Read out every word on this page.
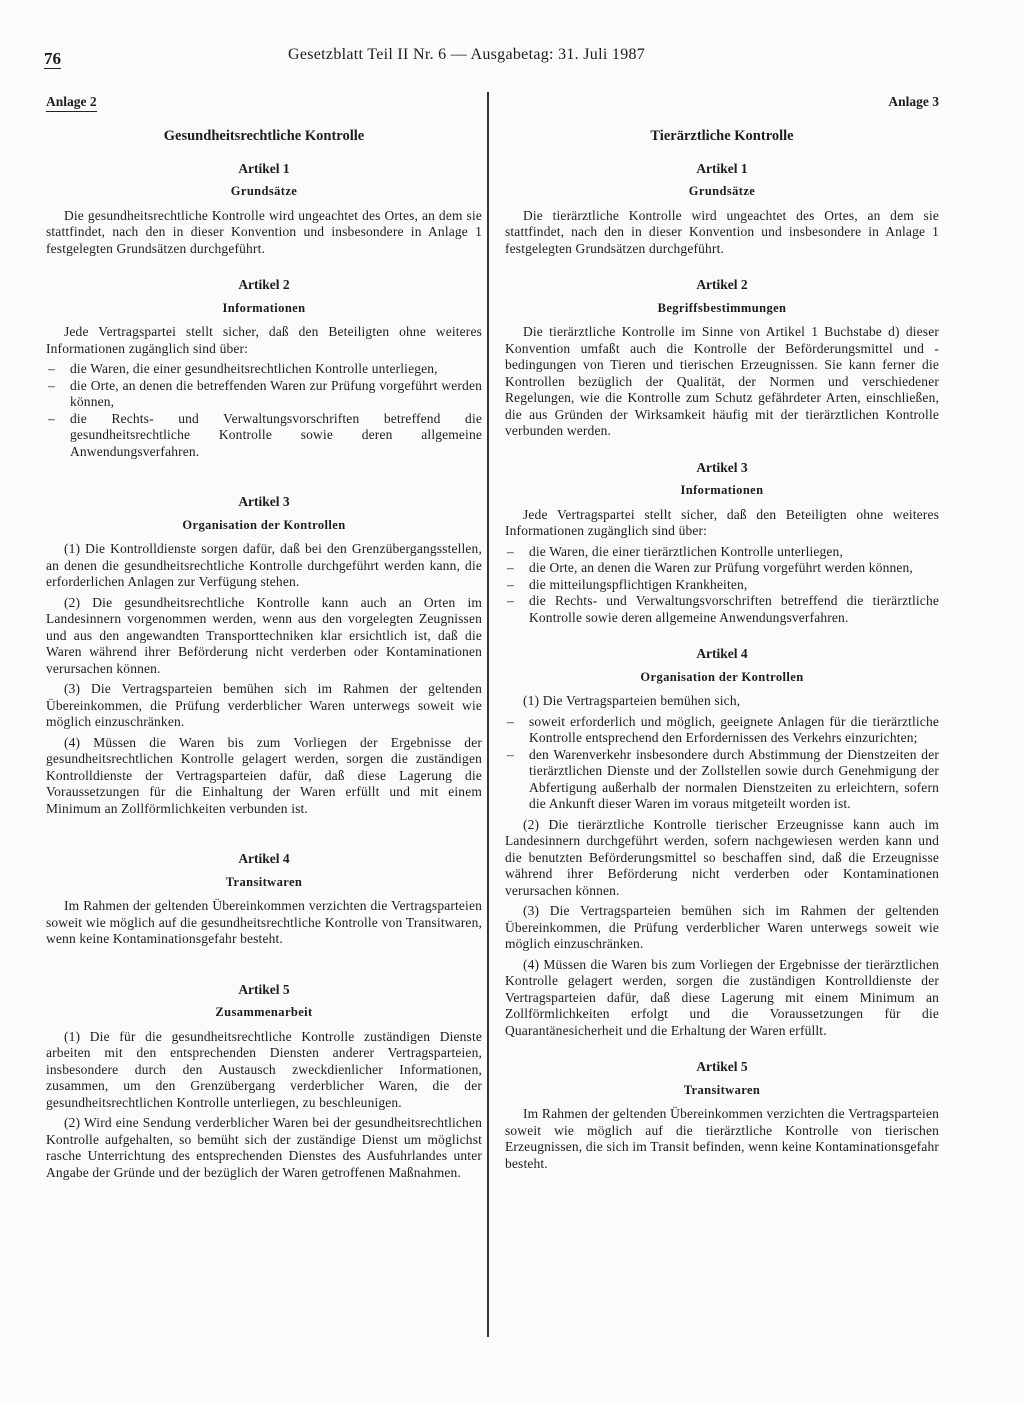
76	Gesetzblatt Teil II Nr. 6 — Ausgabetag: 31. Juli 1987
Anlage 2
Gesundheitsrechtliche Kontrolle
Artikel 1
Grundsätze

Die gesundheitsrechtliche Kontrolle wird ungeachtet des Ortes, an dem sie stattfindet, nach den in dieser Konvention und insbesondere in Anlage 1 festgelegten Grundsätzen durchgeführt.

Artikel 2
Informationen

Jede Vertragspartei stellt sicher, daß den Beteiligten ohne weiteres Informationen zugänglich sind über:

– die Waren, die einer gesundheitsrechtlichen Kontrolle unterliegen,
– die Orte, an denen die betreffenden Waren zur Prüfung vorgeführt werden können,
– die Rechts- und Verwaltungsvorschriften betreffend die gesundheitsrechtliche Kontrolle sowie deren allgemeine Anwendungsverfahren.
Artikel 3
Organisation der Kontrollen

(1) Die Kontrolldienste sorgen dafür, daß bei den Grenzübergangsstellen, an denen die gesundheitsrechtliche Kontrolle durchgeführt werden kann, die erforderlichen Anlagen zur Verfügung stehen.

(2) Die gesundheitsrechtliche Kontrolle kann auch an Orten im Landesinnern vorgenommen werden, wenn aus den vorgelegten Zeugnissen und aus den angewandten Transporttechniken klar ersichtlich ist, daß die Waren während ihrer Beförderung nicht verderben oder Kontaminationen verursachen können.

(3) Die Vertragsparteien bemühen sich im Rahmen der geltenden Übereinkommen, die Prüfung verderblicher Waren unterwegs soweit wie möglich einzuschränken.

(4) Müssen die Waren bis zum Vorliegen der Ergebnisse der gesundheitsrechtlichen Kontrolle gelagert werden, sorgen die zuständigen Kontrolldienste der Vertragsparteien dafür, daß diese Lagerung die Voraussetzungen für die Einhaltung der Waren erfüllt und mit einem Minimum an Zollförmlichkeiten verbunden ist.

Artikel 4
Transitwaren

Im Rahmen der geltenden Übereinkommen verzichten die Vertragsparteien soweit wie möglich auf die gesundheitsrechtliche Kontrolle von Transitwaren, wenn keine Kontaminationsgefahr besteht.

Artikel 5
Zusammenarbeit

(1) Die für die gesundheitsrechtliche Kontrolle zuständigen Dienste arbeiten mit den entsprechenden Diensten anderer Vertragsparteien, insbesondere durch den Austausch zweckdienlicher Informationen, zusammen, um den Grenzübergang verderblicher Waren, die der gesundheitsrechtlichen Kontrolle unterliegen, zu beschleunigen.

(2) Wird eine Sendung verderblicher Waren bei der gesundheitsrechtlichen Kontrolle aufgehalten, so bemüht sich der zuständige Dienst um möglichst rasche Unterrichtung des entsprechenden Dienstes des Ausfuhrlandes unter Angabe der Gründe und der bezüglich der Waren getroffenen Maßnahmen.

Anlage 3
Tierärztliche Kontrolle
Artikel 1
Grundsätze

Die tierärztliche Kontrolle wird ungeachtet des Ortes, an dem sie stattfindet, nach den in dieser Konvention und insbesondere in Anlage 1 festgelegten Grundsätzen durchgeführt.

Artikel 2
Begriffsbestimmungen

Die tierärztliche Kontrolle im Sinne von Artikel 1 Buchstabe d) dieser Konvention umfaßt auch die Kontrolle der Beförderungsmittel und -bedingungen von Tieren und tierischen Erzeugnissen. Sie kann ferner die Kontrollen bezüglich der Qualität, der Normen und verschiedener Regelungen, wie die Kontrolle zum Schutz gefährdeter Arten, einschließen, die aus Gründen der Wirksamkeit häufig mit der tierärztlichen Kontrolle verbunden werden.

Artikel 3
Informationen

Jede Vertragspartei stellt sicher, daß den Beteiligten ohne weiteres Informationen zugänglich sind über:

– die Waren, die einer tierärztlichen Kontrolle unterliegen,
– die Orte, an denen die Waren zur Prüfung vorgeführt werden können,
– die mitteilungspflichtigen Krankheiten,
– die Rechts- und Verwaltungsvorschriften betreffend die tierärztliche Kontrolle sowie deren allgemeine Anwendungsverfahren.
Artikel 4
Organisation der Kontrollen

(1) Die Vertragsparteien bemühen sich,

– soweit erforderlich und möglich, geeignete Anlagen für die tierärztliche Kontrolle entsprechend den Erfordernissen des Verkehrs einzurichten;
– den Warenverkehr insbesondere durch Abstimmung der Dienstzeiten der tierärztlichen Dienste und der Zollstellen sowie durch Genehmigung der Abfertigung außerhalb der normalen Dienstzeiten zu erleichtern, sofern die Ankunft dieser Waren im voraus mitgeteilt worden ist.

(2) Die tierärztliche Kontrolle tierischer Erzeugnisse kann auch im Landesinnern durchgeführt werden, sofern nachgewiesen werden kann und die benutzten Beförderungsmittel so beschaffen sind, daß die Erzeugnisse während ihrer Beförderung nicht verderben oder Kontaminationen verursachen können.

(3) Die Vertragsparteien bemühen sich im Rahmen der geltenden Übereinkommen, die Prüfung verderblicher Waren unterwegs soweit wie möglich einzuschränken.

(4) Müssen die Waren bis zum Vorliegen der Ergebnisse der tierärztlichen Kontrolle gelagert werden, sorgen die zuständigen Kontrolldienste der Vertragsparteien dafür, daß diese Lagerung mit einem Minimum an Zollförmlichkeiten erfolgt und die Voraussetzungen für die Quarantänesicherheit und die Erhaltung der Waren erfüllt.

Artikel 5
Transitwaren

Im Rahmen der geltenden Übereinkommen verzichten die Vertragsparteien soweit wie möglich auf die tierärztliche Kontrolle von tierischen Erzeugnissen, die sich im Transit befinden, wenn keine Kontaminationsgefahr besteht.
